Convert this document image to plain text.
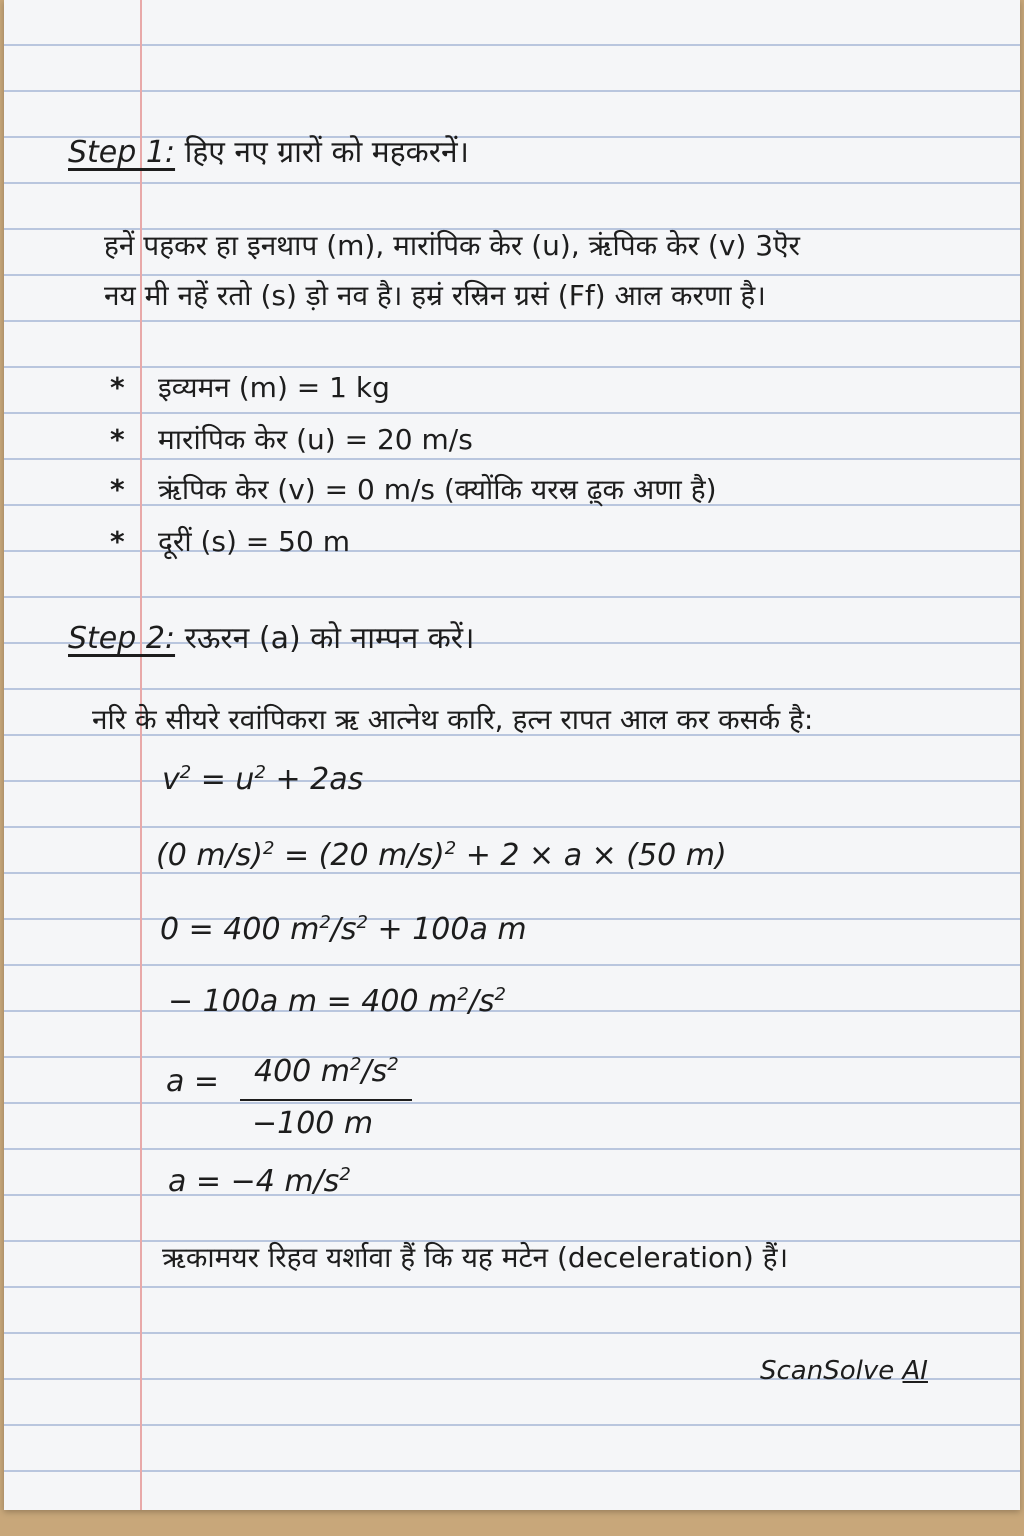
Step 1: हिए नए ग्रारों को महकरनें।
हनें पहकर हा इनथाप (m), मारांपिक केर (u), ऋंपिक केर (v) 3ऎर
नय मी नहें रतो (s) ड़ो नव है। हम्रं रस्रिन ग्रसं (Ff) आल करणा है।
* इव्यमन (m) = 1 kg
* मारांपिक केर (u) = 20 m/s
* ऋंपिक केर (v) = 0 m/s (क्योंकि यरस्र ढ़्क अणा है)
* दूरीं (s) = 50 m
Step 2: रऊरन (a) को नाम्पन करें।
नरि के सीयरे रवांपिकरा ऋ आत्नेथ कारि, हत्न रापत आल कर कसर्क है:
$v^2 = u^2 + 2as$
(0 m/s)$^2$ = (20 m/s)$^2$ + 2 × a × (50 m)
0 = 400 $m^2/s^2 + 100a$ m
− 100a m = 400 $m^2/s^2$
a = 400 $m^2/s^2$
−100 m
a = −4 $m/s^2$
ऋकामयर रिहव यर्शावा हैं कि यह मटेन (deceleration) हैं।
ScanSolve AI
